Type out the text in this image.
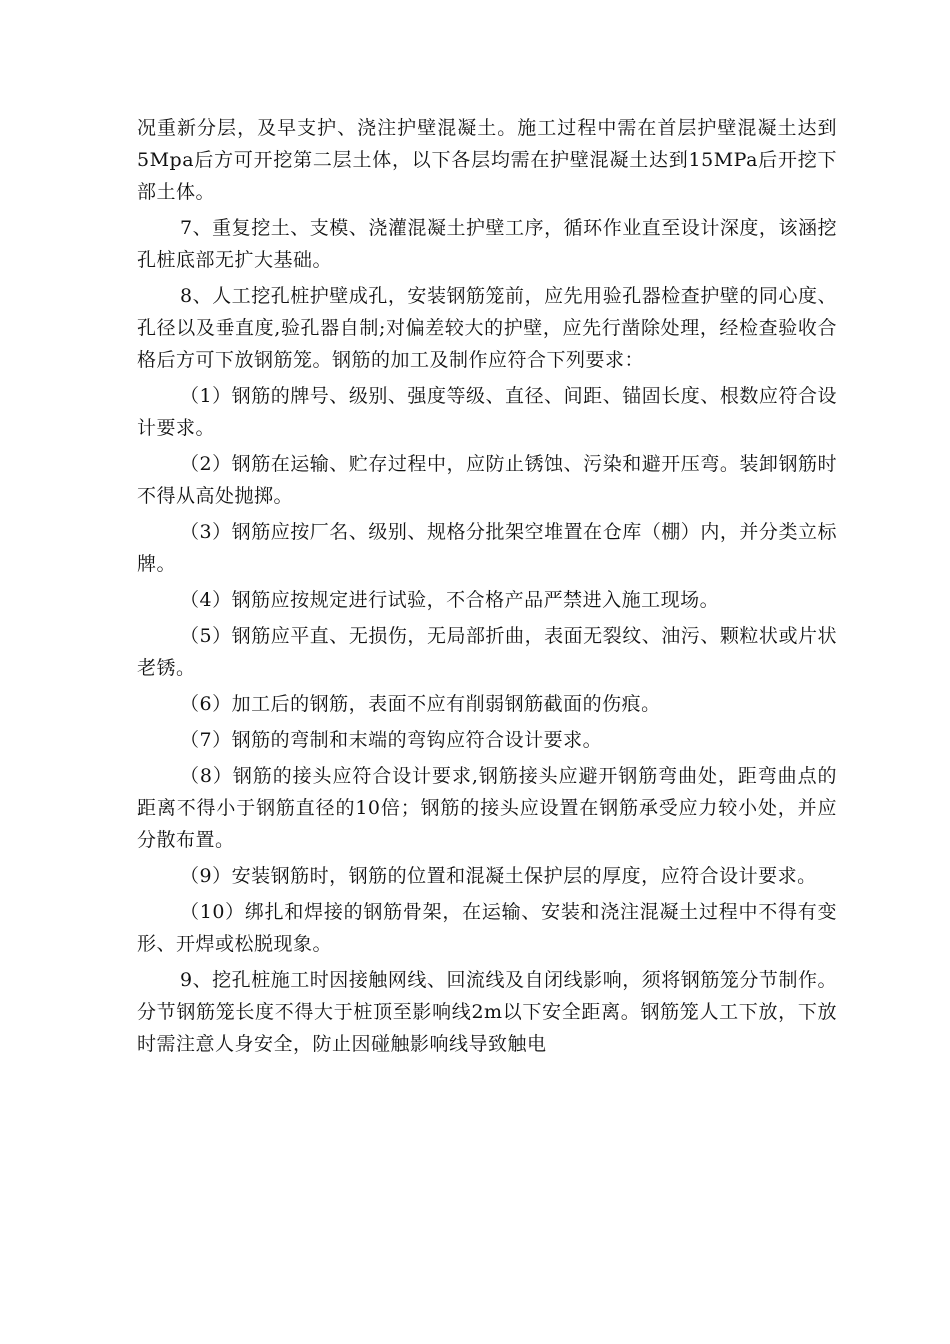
况重新分层，及早支护、浇注护壁混凝土。施工过程中需在首层护壁混凝土达到5Mpa后方可开挖第二层土体，以下各层均需在护壁混凝土达到15MPa后开挖下部土体。

7、重复挖土、支模、浇灌混凝土护壁工序，循环作业直至设计深度，该涵挖孔桩底部无扩大基础。

8、人工挖孔桩护壁成孔，安装钢筋笼前，应先用验孔器检查护壁的同心度、孔径以及垂直度,验孔器自制;对偏差较大的护壁，应先行凿除处理，经检查验收合格后方可下放钢筋笼。钢筋的加工及制作应符合下列要求：

（1）钢筋的牌号、级别、强度等级、直径、间距、锚固长度、根数应符合设计要求。

（2）钢筋在运输、贮存过程中，应防止锈蚀、污染和避开压弯。装卸钢筋时不得从高处抛掷。

（3）钢筋应按厂名、级别、规格分批架空堆置在仓库（棚）内，并分类立标牌。

（4）钢筋应按规定进行试验，不合格产品严禁进入施工现场。

（5）钢筋应平直、无损伤，无局部折曲，表面无裂纹、油污、颗粒状或片状老锈。

（6）加工后的钢筋，表面不应有削弱钢筋截面的伤痕。

（7）钢筋的弯制和末端的弯钩应符合设计要求。

（8）钢筋的接头应符合设计要求,钢筋接头应避开钢筋弯曲处，距弯曲点的距离不得小于钢筋直径的10倍；钢筋的接头应设置在钢筋承受应力较小处，并应分散布置。

（9）安装钢筋时，钢筋的位置和混凝土保护层的厚度，应符合设计要求。

（10）绑扎和焊接的钢筋骨架，在运输、安装和浇注混凝土过程中不得有变形、开焊或松脱现象。

9、挖孔桩施工时因接触网线、回流线及自闭线影响，须将钢筋笼分节制作。分节钢筋笼长度不得大于桩顶至影响线2m以下安全距离。钢筋笼人工下放，下放时需注意人身安全，防止因碰触影响线导致触电
